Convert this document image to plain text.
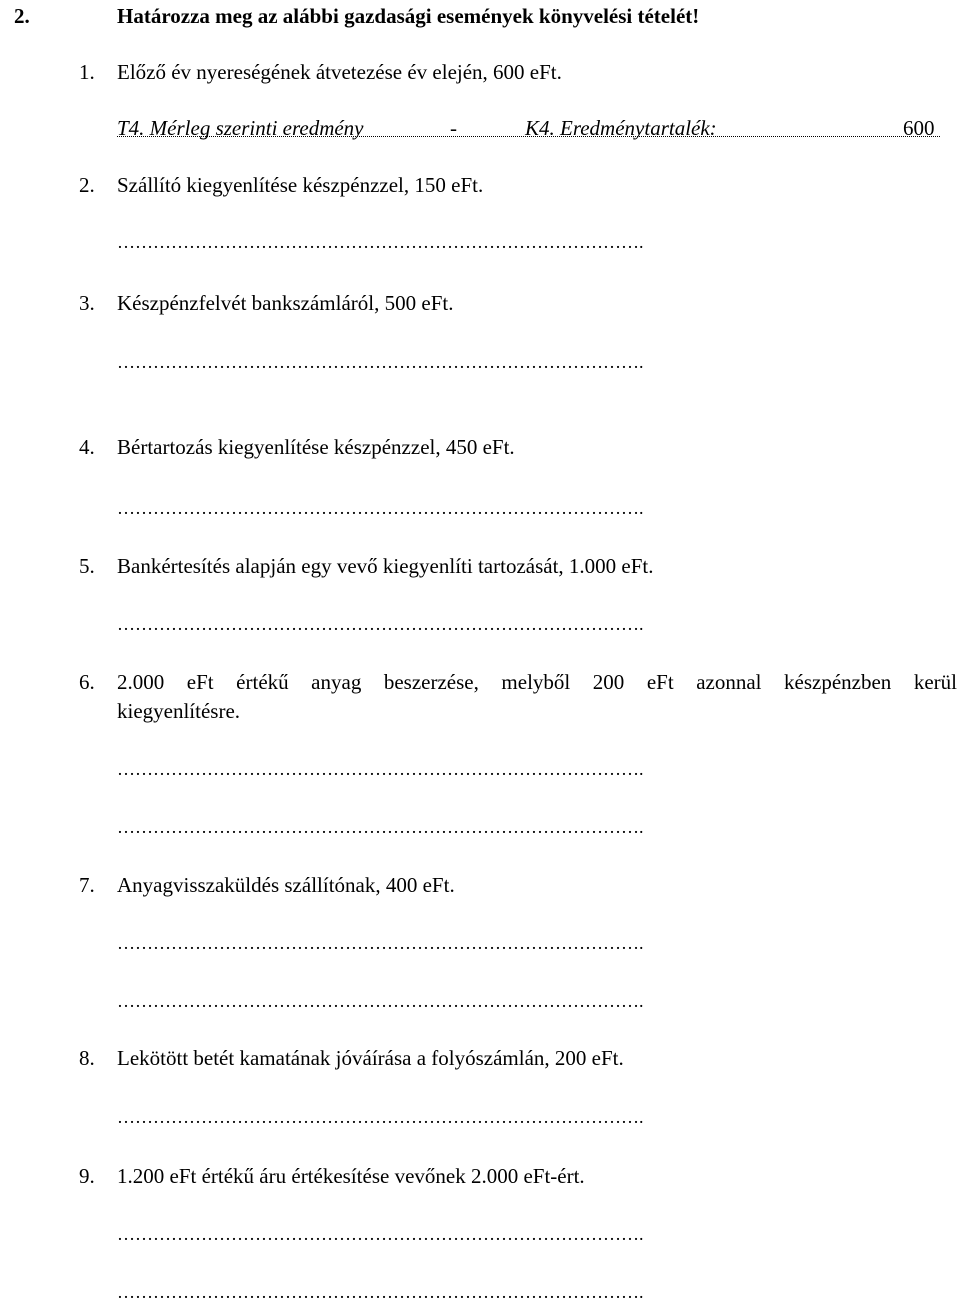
2.	Határozza meg az alábbi gazdasági események könyvelési tételét!
1. Előző év nyereségének átvetezése év elején, 600 eFt.
T4. Mérleg szerinti eredmény	-	K4. Eredménytartalék:	600
2. Szállító kiegyenlítése készpénzzel, 150 eFt.
…………………………………………………………………………….
3. Készpénzfelvét bankszámláról, 500 eFt.
…………………………………………………………………………….
4. Bértartozás kiegyenlítése készpénzzel, 450 eFt.
…………………………………………………………………………….
5. Bankértesítés alapján egy vevő kiegyenlíti tartozását, 1.000 eFt.
…………………………………………………………………………….
6. 2.000 eFt értékű anyag beszerzése, melyből 200 eFt azonnal készpénzben kerül
kiegyenlítésre.
…………………………………………………………………………….
…………………………………………………………………………….
7. Anyagvisszaküldés szállítónak, 400 eFt.
…………………………………………………………………………….
…………………………………………………………………………….
8. Lekötött betét kamatának jóváírása a folyószámlán, 200 eFt.
…………………………………………………………………………….
9. 1.200 eFt értékű áru értékesítése vevőnek 2.000 eFt-ért.
…………………………………………………………………………….
…………………………………………………………………………….
